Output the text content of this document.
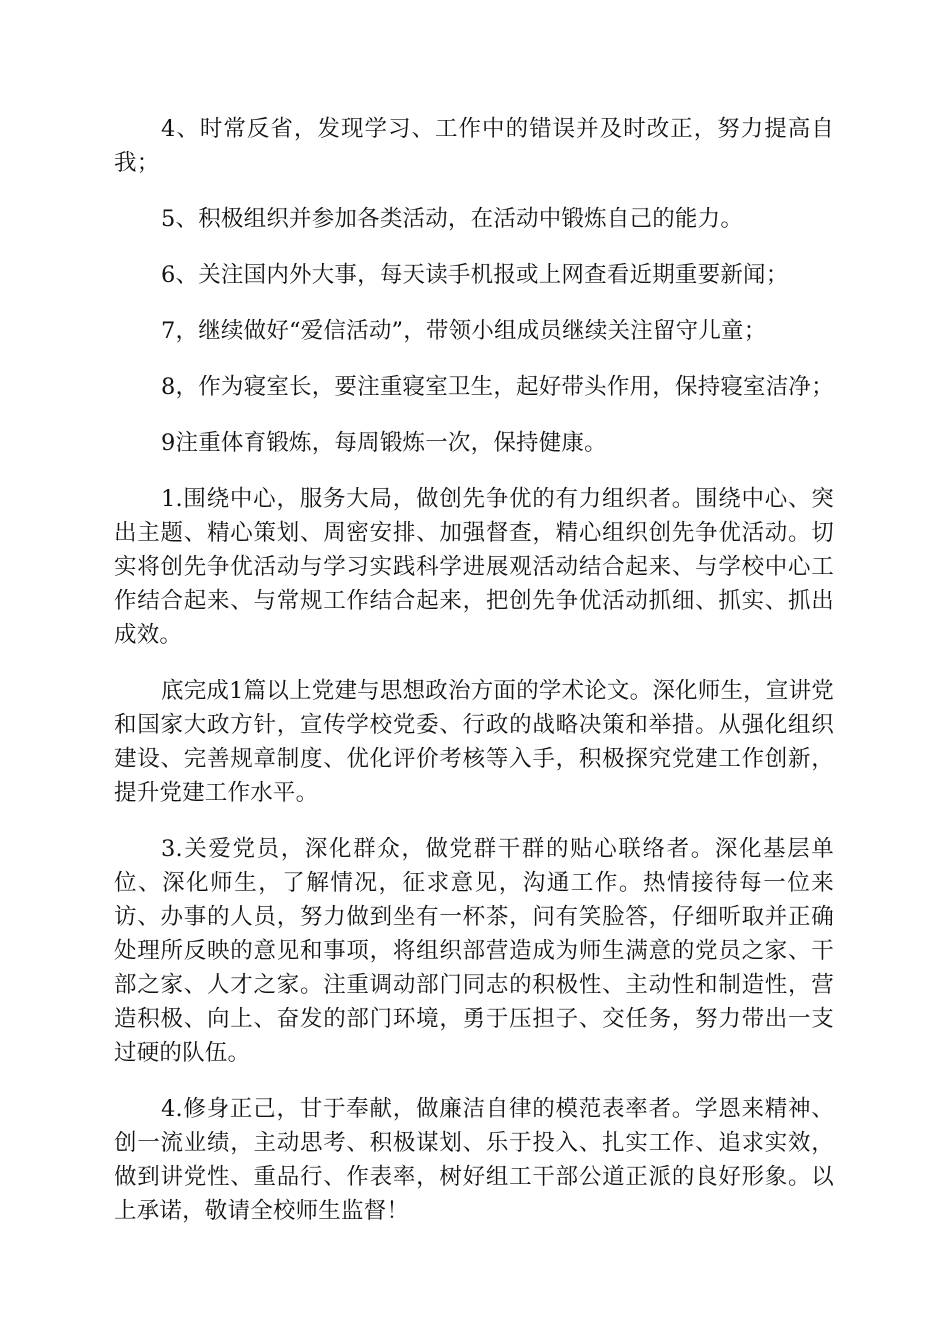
4、时常反省，发现学习、工作中的错误并及时改正，努力提高自我；

5、积极组织并参加各类活动，在活动中锻炼自己的能力。

6、关注国内外大事，每天读手机报或上网查看近期重要新闻；

7，继续做好“爱信活动”，带领小组成员继续关注留守儿童；

8，作为寝室长，要注重寝室卫生，起好带头作用，保持寝室洁净；

9注重体育锻炼，每周锻炼一次，保持健康。

1.围绕中心，服务大局，做创先争优的有力组织者。围绕中心、突出主题、精心策划、周密安排、加强督查，精心组织创先争优活动。切实将创先争优活动与学习实践科学进展观活动结合起来、与学校中心工作结合起来、与常规工作结合起来，把创先争优活动抓细、抓实、抓出成效。

底完成1篇以上党建与思想政治方面的学术论文。深化师生，宣讲党和国家大政方针，宣传学校党委、行政的战略决策和举措。从强化组织建设、完善规章制度、优化评价考核等入手，积极探究党建工作创新，提升党建工作水平。

3.关爱党员，深化群众，做党群干群的贴心联络者。深化基层单位、深化师生，了解情况，征求意见，沟通工作。热情接待每一位来访、办事的人员，努力做到坐有一杯茶，问有笑脸答，仔细听取并正确处理所反映的意见和事项，将组织部营造成为师生满意的党员之家、干部之家、人才之家。注重调动部门同志的积极性、主动性和制造性，营造积极、向上、奋发的部门环境，勇于压担子、交任务，努力带出一支过硬的队伍。

4.修身正己，甘于奉献，做廉洁自律的模范表率者。学恩来精神、创一流业绩，主动思考、积极谋划、乐于投入、扎实工作、追求实效，做到讲党性、重品行、作表率，树好组工干部公道正派的良好形象。以上承诺，敬请全校师生监督！
